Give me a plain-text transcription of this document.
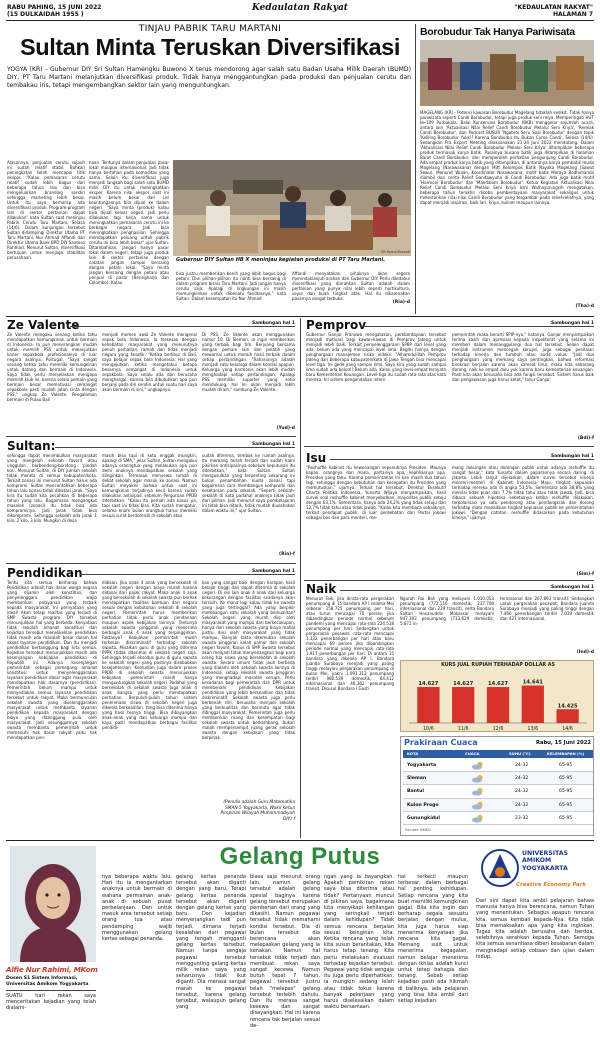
RABU PAHING, 15 JUNI 2022
(15 DULKAIDAH 1955 )
Kedaulatan Rakyat	"KEDAULATAN RAKYAT"
HALAMAN 7
TINJAU PABRIK TARU MARTANI
Sultan Minta Teruskan Diversifikasi
YOGYA (KR) - Gubernur DIY Sri Sultan Hamengku Buwono X terus mendorong agar salah satu Badan Usaha Milik Daerah (BUMD) DIY, PT Taru Martani melanjutkan diversifikasi produk. Tidak hanya menggantungkan pada produksi dan penjualan cerutu dan tembakau iris, tetapi mengembangkan sektor lain yang menguntungkan.
Alasannya, penjualan cerutu sejauh ini sudah relatif stabil. Bahkan peningkatan telah mencapai titik ekspor. "Kalau pemasaran cerutu relatif sudah lebih bagus dari beberapa tahun lalu dan bisa mengeluarkan branding sendiri sehingga marketing lebih besar. Untuk itu saya berharap ada diversifikasi produk. Program-program lain di sektor pertanian dapat dilakukan" kata Sultan saat meninjau Pabrik Cerutu Taru Martani, Selasa (14/6). Dalam kunjungan tersebut Sultan didampingi Direktur Utama PT Taru Martani, Nur Ahmad Affandi dan Direktur Utama Bank BPD DIY Santoso Rohmad. Menurut Sultan, diversifikasi bertujuan untuk menjaga stabilitas perusahaan.
haan. Tentunya dalam penjualan pasar lokal maupun internasional. Jadi tidak hanya bertahan pada komoditas yang sama. Selain itu diversifikasi juga menjadi langkah bagi salah satu BUMD milik DIY itu untuk meningkatkan ekspor. Karena nilai ekspor saat ini masih belum besar dari sisi keuntungannya bila dijual ke dalam negeri. "Saya minta (produk) kalau bisa dijual keluar negeri. Jadi perlu dilakukan lagi kerja sama untuk meningkatkan pemasaran cerutu ini ke berbagai negara. Jadi bisa meningkatkan penghasilan. Sehingga mendapatkan peluang untuk pabrik cerutu ini bisa lebih besar" ujar Sultan. Ditambahkan, jangan hanya pasar lokal dalam negeri, tetapi juga produk lain di sektor pertanian dengan catatan jangan sampai bersaing dengan petani lokal. "Saya minta jangan bersaing dengan petani atau penjual di pasar (Beringharjo dan Colombo). Kalau
KR-Ryana Ekawati
Gubernur DIY Sultan HB X meninjau kegiatan produksi di PT Taru Martani.
bisa justru memberikan benih yang lebih bagus bagi petani. Dari pilihan-pilihan itu nanti bisa bersaing di dalam program bisnis Taru Martani. Jadi jangan hanya cerutu saja. Apalagi di lingkungan ini masih memungkinkan untuk dibenahi fasilitasnya," kata Sultan. Dalam kesempatan itu Nur Ahmad
Affandi menyatakan, pihaknya akan segera menindaklanjuti arahan dari Gubernur DIY. Perlu diketahui diversifikasi yang diarahkan Sultan adalah dalam pertanian yang punya nilai lebih seperti hortikultura, sayur dan buah tingkat atas. Hal itu dikarenakan pasarnya sangat terbuka.
(Ria)-d
Borobudur Tak Hanya Pariwisata
MAGELANG (KR) - Potensi kawasan Borobudur Magelang tidaklah sedikit. Tidak hanya pariwisata seperti Candi Borobudur, tetapi juga produk seni relya. Memperingati HUT ke-109 Purbakala, Balai Konservasi Borobudur (BKB) menggelar sejumlah acara, antara lain 'Aktualisasi Nilai Relief Candi Borobudur Melalui Seni Kriya', 'Rereiak Candi Borobudur', dan Podcast BUSUR 'Ngobrol Seru Soal Borobudur' dengan topik 'Keliling Borobudur Yukk!! Karena Borobudur Itu Bukan Cuma Candi', Selasa (14/6). Sedangkan Pra Expert Meeting dilaksanakan 21-24 Juni 2022 mendatang. Dalam 'Aktualisasi Nilai Relief Candi Borobudur Melalui Seni Kriya' ditampilkan beberapa produk termasuk karya batik. Pasalnya busana batik juga ditampilkan di halaman Barat Candi Borobudur, dan memperoleh perhatian pengunjung Candi Borobudur. Ada empat produk karya batik yang ditampilkan, di antaranya karya pembatik muda Magelang (Narawasana) dengan Mitt Kelompok Batik Nayaka Magelang (Sawut Sewu). Menurut Wulan, Koordinator Narawasana, motif batik Meraya Bodhimanda diambil dari cerita Relief Gandawyuha di Candi Borobudur. Ada juga batik motif 'Harmoni Borobudur' dan 'Mandalam Borobudur'. Ketua Kegiatan Aktualisasi Nilai Relief Candi Borobudur Melalui Seni Kriya Ismi Walhayuningsih mengatakan, beberapa tahun terakhir dicoba pemberdayaan masyarakat sekaligus untuk melestarikan nilai-nilai Candi Borobudur yang tergambar pada relief-reliefnya, yang dapat menjadi inspirasi, baik lari, kriya, kuliner maupun lainnya.
(Tha)-d
Ze Valente	Sambungan hal 1
Ze Valente mengaku senang ketika tahu mendapatkan kemungkinan untuk bermain di Indonesia. Ia pun menerangkan mudah untuk memilih PSS untuk melanjutkan karier sepakbola profesionalnya di luar negara asalnya, Portugal. "Saya sangat senang ketika tahu memiliki kemungkinan untuk datang dan bermain di Indonesia. Saya tidak perlu menjelaskan mengapa memilih klub ini, karena selalu pemain yang bermain besar memotivasi semangat sepakbola pasti mudah jatuh cinta dengan PSS," ungkap Ze Valente. Pengalaman bermain di Pulau Bali
menjadi momen awal Ze Valente mengenal sepak bola Indonesia. Ia terkesan dengan kehebatan masyarakat yang menurutnya penuh perhatian, ramah dan tidak menjadi negara yang fanatik. "Ketika berlibur di Bali, saya belajar sepak bola Indonesia. Hal yang mengejutkan ketika mengetahui betapa besarnya semangat di Indonesia untuk sepakbola. Saya selalu ada dan berusaha menghargai, karena bila dibutuhkan apa pun berjanji pada diri sendiri untuk suatu hari saya akan bermain di sini," ungkapnya.
Di PSS, Ze Valente akan menggunakan nomor 10. Di Sleman, ia ingin memberikan yang terbaik bagi tim. Berjuang bersama dengan pemain lain dan pelatih yang mewarnai untuk meraih hasil terbaik dalam setiap pertandingan. "Rahasianya adalah menjadi satu keluarga dalam kondisi apapun. Keluarga yang harmonis akan lebih mudah menghadapi setiap pertandingan. Apalagi PSS memiliki suporter yang setia mendukung, hal ini akan menjadi lebih mudah diraih," sambung Ze Valente.
(Yud)-d
Pemprov	Sambungan hal 1
Gubernur Ganjar Pranowo mengatakan, pemberdayaan tersebut menjadi motivasi bagi kawan-kawan di Pemprov Jateng untuk menjadi lebih baik. Terkait penyelenggaraan SPBP dari level yang ada, belum ada yang mencapai level lima. Begitu halnya dengan penghargaan manajemen risiko indeks. "Alhamdulillah Pemprov Jateng dan beberapa kabupaten/kota di Jawa Tengah bisa mencapai level tiga. Ini gede yang sampai lima. Saya kira yang sudah sampai lima sudah ada belum? Belum ada. Kalau yang level empat ternyata baru Kementerian Keuangan. Level tiga itu sudah rata-rata atas kata mereka. Ini sistem pengendalian intern
pemerintah maka berarti SPIP-nya," katanya. Ganjar menyampaikan terima kasih dan apresiasi kepada inspektorat yang selama ini memberi dalam menanggulangi dua hal tersebut. Selain dapat menjadi instrumen mencegah korupsi, juga sebagai penilaian terhadap kinerja dan tumbuh atau audit value. "Jadi dua penghargaan yang memang saya pentingkan, bahwa reformasi birokrasi berjalan karena akan samsat lima, maka kita sekarang dorong, naik ke empat dulu yuk karena baru kementerian keuangan. Pasti kita akan berusaha bisa ada fungsi tersebut. Sistem harus baik dan pengawasan juga harus ketat," tutur Ganjar.
(Bdi)-f
Sultan:	Sambungan hal 1
sehingga dapat menimbulkan masyarakat yang mengeluh sekolah favorit atau unggulan berbondong-bondong 'pindah kos'. Menurut Sultan, di DIY jumlah sekolah tidak merata di semua kabupaten/kota. Terkait zonasi ini menurut Sultan harus ada kompromi. Sultan mencontohkan beberapa tahun lalu zonasi tidak dibatasi jarak. "Saya kira itu sudah kita pecahkan di beberapa tahun yang lalu. Bagaimana mengangkut masalah (zonasi) itu tidak bisa ada komprominya. Jadi jarak tidak bisa dikompromi. Sehingga sekolah ada jarak 1 kilo, 2 kilo, 3 kilo. Mungkin di desa
masih bisa tapi di kota enggak mungkin, apalagi di SMA," jelas Sultan. Sultan mengakui adanya oranngtua yang melakukan apa pun demi anaknya mendapatkan sekolah yang diinginkan. Termasuk menyewa rumah di dekat sekolah agar masuk ke zonasi. Namun Sultan meyakini bahwa untuk saat ini kemungkinan terjadinya kecil karena sudah dilakukan antisipasi sebelum Perguruan PPDB diterbitkan. "Kalau itu pernah ada kasus ya, tapi saat ini tidak bisa. Kita sudah mengatur, selama enam bulan orangtua harus memiliki sesuai surat berdomisili di sekolah atau
sudah diterima, tembok ke rumah asalnya. Itu memang terlah terjadi dan sudah kami pikirkan antisipasinya sebelum keputusan itu diterbitkan," kata Sultan. Sultan mengusulkan yang terpenting sekarang ini bukan penambahan kuota zonasi tapi bagaimana cara membangun kompromi dan kesetaraan pada sekolah. "Seperti sekolah-sekolah di kota padahal anaknya tidak jauh dari pilihan. Jadi menurut saya pembelajaran ini tidak bisa ditarik, tidak mudah diusahakan dalam waktu ini," ujar Sultan.
(Ria)-f
Isu	Sambungan hal 1
"Reshuffle kabinet itu kewenangan sepenuhnya Presiden. Maunya kapan, orangnya dan mana, partainya apa, keahliannya apa. Presiden yang tahu. Karena pemerintahan ini kan masih dua tahun lagi, sehingga dengan kebutuhan dan kecepatan itu Presiden yang memutuskan," ujarnya. Terkait hal tersebut, Direktur Eksekutif Charta Politika Indonesia, Yunarto Wijaya menyampaikan, hasil survei soal reshuffle kabinet menyebutkan, mayoritas publik setuju dengan 63,1%. Sementara, hanya ada 24,2% yang tidak setuju dan 12,7% tidak tahu atau tidak jawab. "Kalau kita membaca sebaliknya, terkait pendapat publik, di luar perdebatan dari Partai Jokowi sebagai bos dan para menteri, me-
mang dukungan atau dorongan publik untuk adanya reshuffle itu sangat besar," kata Yunarto dalam paparannya secara daring, di Jakarta. Lebih lanjut dijelaskan, dalam survei tersebut kinerja menteri-menteri di Kabinet Indonesia Maju, tingkat kepuasan terhadap mereka ada di angka 53,5%. Sementara ada 38,8% yang menilai tidak puas dan 7,7% tidak tahu atau tidak jawab. Jadi, bisa dibaca sebuah hipotesa sebetulnya ketika reshuffle dilakukan, terpolarisasi ya satu pendorong atau pendongkrak dan dorong terhadap mata menaikkan tingkat kepuasan publik ke pemerintahan Jokowi. "Dengan catatan, reshuffle didasarkan pada kebutuhan kinerja," ujarnya.
(Sim)-f
Pendidikan	Sambungan hal 1
Tentu kita semua berharap bahwa Pendidikan adalah hak dasar warga negara yang dijamin oleh konstitusi, dan penyelenggara pendidikan wajib memberikan pelayanan yang terbaik kepada masyarakat. Ini pernyataan yang ideal! Akan tetapi realitas yang terjadi di SMP Swasta program DIY tersebut menunjukkan hal yang berbeda. Kenyataan tidak sekolah amanat konstitusi dan kejadian tersebut menelikeklan pendidikan tidak masih ada masalah besar dalam hal akses layanan pendidikan. Dan itu menjadi pendidikan bertanggung bagi kita semua. Kejadian tersebut menunjukkan masih ada kesenjangan kebijakan pendidikan di Republik ini. Adanya kesenjangan pemerintah sebagai pemegang amanat konstitusi untuk menyelenggarakan layanan pendidikan dasar agar masyarakat mendapatkan hak dasarnya (pendidikan). Pemerintah belum mampu untuk menyediakan semua layanan pendidikan tersebut untuk rakyat. Maka bermunculan sekolah swasta yang diselenggarakan masyarakat untuk membantu layanan pendidikan kepada masyarakat dengan biaya yang ditanggung pula oleh masyarakat. Jadi sesungguhnya sekolah swasta membantu pemerintah untuk memenuhi hak dasar rakyat yaitu hak mendapatkan pen-
didikan. Jika anak 4 anak yang bersekolah di sekolah negeri dengan biaya murah karena didanai dari pajak rakyat. Maka anak 4 anak yang bersekolah di sekolah swasta pun berhak mendapatkan fasilitas bantuan dari negara sesuai dengan kebutuhan sekolah di sekolah negeri. Pemerintah harus memberikan perhatian tidak perlu anak pendanaan maupun aspek kebijakan lainnya. Tentunya sekolah swasta pinggiran yang menerima berbagai anak 4 anak yang terpinggirkan. Faktanya? Kebijakan pemerintah masih terkesan diskriminatif terhadap sekolah swasta. Misalkan guru di guru yang diterima PPPK (tidak diterima) di sekolah negeri saja. Sehingga terjadi eksodus guru di guru swasta ke sekolah negeri yang pastinya disebabkan kesejahteraan. Kemudian juga dalam proses PPDB di sekolah swasta menunjukkan kebijakan pemerintah masih hanya menguntungkan sekolah negeri. Padahal yang bersekolah di sekolah swasta juga anak 4 anak bangsa yang perlu mendapatkan perhatian. Berpuluh-puluh tahun sistem penerimaan siswa di sekolah negeri juga dikelola berkeadilan. Yang bisa diterima hanya yang hasil tesnya tinggi. Bisa dibayangkan anak-anak yang dari keluarga mampu dan kaya pasti mendapatkan berbagai fasilitas pendidi-
kan yang sangat baik dengan harapan hasil belajar tinggi dan dapat diterima di sekolah negeri. Di sisi lain anak 4 anak dari keluarga kekurangan dengan fasilitas seadanya akan tersisih. Ke mana lagi kalau tidak ke swasta yang juga tertinggal? Ada yang berpikir membangun satu sekolah yang berkualitas? Sekolah negeri yang murah diisi oleh masyarakat yang mampu dari berkecukupan, hanya dari sekolah swasta yang biaya mahal justru diisi oleh masyarakat yang tidak mampu. Banyak fakta ditemukan sekolah swasta pinggiran kalah pamor dan sekolah negeri favorit. Kasus di SMP Swasta tersebut akan menjadi tidak menyenangkan bagi para orang tua siswa yang bersekolah di sekolah swasta. Secara umum tidak jauh berbeda yang dialami oleh sekolah swasta lainnya di Indonesia, setiap sekolah swasta pinggiran yang menghadapi masalah serupa. Perlu kesadaran bagi pemerintah dan DPR untuk membenahi pendidikan. Kebijakan pendidikan yang lebih berkeadilan dan tidak diskriminatif. Sekolah swasta juga perlu berbenah diri, berusaha menjadi sekolah yang berkualitas dan bermutu agar tidak ditinggal masyarakat. Pemerintah juga perlu memberikan ruang dan kesempatan bagi sekolah swasta untuk berkembang, bukan malah mempersempit ruang gerak sekolah swasta dengan kebijakan yang tidak berpihak.
(Penulis adalah Guru Matematika
SMAN 5 Yogyakarta, Wakil Ketua
Pimpinan Wilayah Muhammadiyah
DIY)-f
Naik	Sambungan hal 1
Menurut Faik, jika dirata-rata pergerakan penumpang di 15 bandara AP I selama Mei sebesar 158.725 penumpang per hari, atau turun mencapai 70 persen jika dibandingkan periode normal sebelum pandemi yang mencapai rata-rata 224.518 penumpang per hari. Sedangkan untuk pergerakan pesawat, rata-rata mencapai 1.332 penerbangan per hari atau baru mencapai 69 persen jika dibandingkan periode normal yang mencapai rata-rata 1.917 penerbangan per hari. Di antara 15 bandara yang dikelola AP I, Bandara Juanda Surabaya menjadi yang paling tinggi melayani pergerakan penumpang di bulan Mei, yakni 1.091.313 penumpang terdiri 980.539 domestik, 64.412 internasional dan 46.362 penumpang transit. Disusul Bandara I Gusti
Ngurah Rai Bali yang melayani 1.010.053 penumpang (772.116 domestik, 237.708 internasional dan 229 transit), serta Bandara Sultan Hasanuddin Makassar melayani 947.393 penumpang (733.629 domestik, 5.871 in-
ternasional dan 207.893 transit). Sedangkan untuk pergerakan pesawat, Bandara Juanda Surabaya menjadi yang paling tinggi dengan 7.466 penerbangan terdiri 7.039 domestik dan 427 internasional.
(Ind)-d
KURS JUAL RUPIAH TERHADAP DOLLAR AS
14.627
10/6
14.627
11/6
14.627
12/6
14.641
13/6
14.425
14/6
Prakiraan Cuaca	Rabu, 15 Juni 2022
KOTA	CUACA	SUHU (°C)	KELEMBAPAN (%)
Yogyakarta	24-32	65-95
Sleman	24-32	65-95
Bantul	24-32	65-95
Kulon Progo	24-32	65-95
Gunungkidul	23-32	65-95
Sumber: BMKG
Alfie Nur Rahimi, MKom
Dosen S1 Sistem Informasi,
Universitas Amikom Yogyakarta
SUATU hari rekan saya menceritakan kejadian yang telah dialami-
Gelang Putus
nya beberapa waktu lalu. Hari itu ia mengantarkan anaknya untuk bermain di wahana permainan anak-anak di sebuah pusat perbelanjaan. Dan untuk masuk area tersebut setiap orang tua atau pendamping wajib menggunakan gelang kertas sebagai penanda.
gelang kertas penanda tersebut akan diganti dengan yang baru. Tetapi gelang kertas penanda tersebut akan diganti dengan gelang kertas yang baru. Dan kejadian menyenangkan tadi pun terjadi, dimana terjadi kesalahan dari pegawai yang tengah mengganti gelang kertas tersebut. Namun tanpa sengaja pegawai tersebut menggunting gelang kertas milik rekan saya yang seharusnya tidak ikut diganti. Dia merasa sangat marah ke pegawai tersebut, karena gelang tersebut, walaupun gelang yang
biasa saja menurut orang lain, namun gelang tersebut adalah gelang spesial baginya karena gelang tersebut merupakan pemberian dari orang yang dikasihi. Namun pegawai tersebut tidak memahami kondisi tersebut. Dia di bulan tersebut dia berencana akan melepaskan gelang yang ia kenakan. Namun hal tersebut tidak terjadi dan membuat rekan saya sangat kecewa. Namun butuh tepat 7 tahun, pegawai tersebut justru telah "melepas" gelang tersebut terlebih dahulu. Dan itu merasa sangat kesewa dan sangat disayangkan. Hal ini karena rencana tak berjalan sesuai de-
ngan yang ia bayangkan. Apakah pemikiran rekan saya bisa diterima atau tidak? Pertanyaan muncul di pikiran saya, bagaimana kita menyikapi kehilangan yang seringkali terjadi dalam kehidupan? Tidak semua rencana berjalan sesuai keinginan kita. Ketika rencana yang telah kita susun berantakan, kita harus tetap tenang. Kita perlu melakukan evaluasi terhadap kejadian tersebut. Pegawai yang tidak sengaja itu juga perlu diperhatikan, ia mungkin sedang lelah atau tidak fokus karena banyak pekerjaan yang harus diselesaikan dalam waktu bersamaan.
hal terkecil maupun terbesar, dalam berbagai hal penting kehidupan. Setiap rencana yang kita buat memiliki kemungkinan gagal. Bila kita ingin dan berharap segala sesuatu berjalan dengan mulus, kita juga harus siap menerima kenyataan jika rencana kita gagal. Memang sulit untuk menerima kegagalan, namun belajar menerima dengan ikhlas adalah kunci untuk tetap bahagia dan tenang. Sebab setiap kejadian pasti ada hikmah di baliknya, ada pelajaran yang bisa kita ambil dari setiap kejadian.
UNIVERSITAS AMIKOM YOGYAKARTA
Creative Economy Park
Dari sini dapat kita ambil pelajaran bahwa manusia hanya bisa berencana, namun Tuhan yang menentukan. Sebagus apapun rencana kita, semua kembali kepada-Nya. Kita tidak bisa memaksakan apa yang kita inginkan. Tugas kita adalah berusaha dan berdoa, selebihnya serahkan kepada Tuhan. Semoga kita semua senantiasa diberi kesabaran dalam menghadapi setiap cobaan dan ujian dalam hidup.
